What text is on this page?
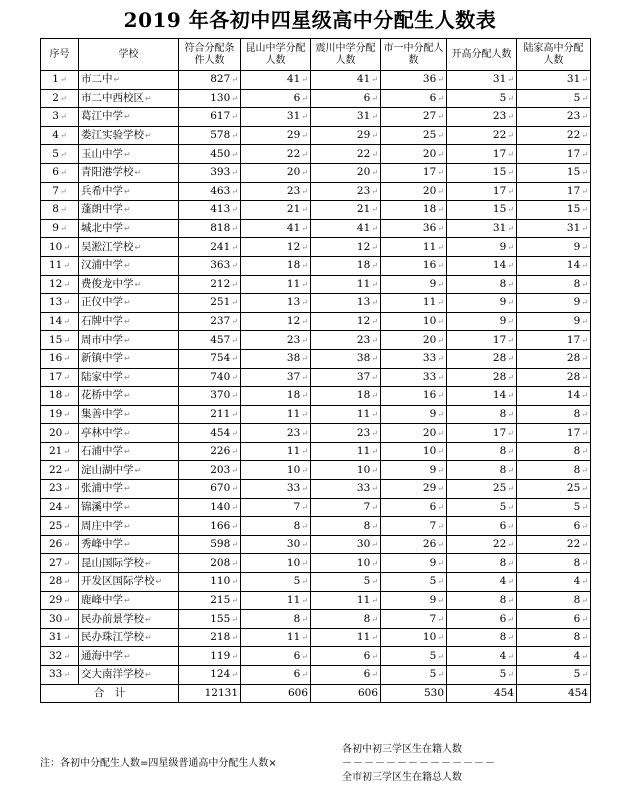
2019 年各初中四星级高中分配生人数表
序号	学校	符合分配条件人数	昆山中学分配人数	震川中学分配人数	市一中分配人数	开高分配人数	陆家高中分配人数
1↵	市二中↵	827↵	41↵	41↵	36↵	31↵	31↵
2↵	市二中西校区↵	130↵	6↵	6↵	6↵	5↵	5↵
3↵	葛江中学↵	617↵	31↵	31↵	27↵	23↵	23↵
4↵	娄江实验学校↵	578↵	29↵	29↵	25↵	22↵	22↵
5↵	玉山中学↵	450↵	22↵	22↵	20↵	17↵	17↵
6↵	青阳港学校↵	393↵	20↵	20↵	17↵	15↵	15↵
7↵	兵希中学↵	463↵	23↵	23↵	20↵	17↵	17↵
8↵	蓬朗中学↵	413↵	21↵	21↵	18↵	15↵	15↵
9↵	城北中学↵	818↵	41↵	41↵	36↵	31↵	31↵
10↵	吴淞江学校↵	241↵	12↵	12↵	11↵	9↵	9↵
11↵	汉浦中学↵	363↵	18↵	18↵	16↵	14↵	14↵
12↵	费俊龙中学↵	212↵	11↵	11↵	9↵	8↵	8↵
13↵	正仪中学↵	251↵	13↵	13↵	11↵	9↵	9↵
14↵	石牌中学↵	237↵	12↵	12↵	10↵	9↵	9↵
15↵	周市中学↵	457↵	23↵	23↵	20↵	17↵	17↵
16↵	新镇中学↵	754↵	38↵	38↵	33↵	28↵	28↵
17↵	陆家中学↵	740↵	37↵	37↵	33↵	28↵	28↵
18↵	花桥中学↵	370↵	18↵	18↵	16↵	14↵	14↵
19↵	集善中学↵	211↵	11↵	11↵	9↵	8↵	8↵
20↵	亭林中学↵	454↵	23↵	23↵	20↵	17↵	17↵
21↵	石浦中学↵	226↵	11↵	11↵	10↵	8↵	8↵
22↵	淀山湖中学↵	203↵	10↵	10↵	9↵	8↵	8↵
23↵	张浦中学↵	670↵	33↵	33↵	29↵	25↵	25↵
24↵	锦溪中学↵	140↵	7↵	7↵	6↵	5↵	5↵
25↵	周庄中学↵	166↵	8↵	8↵	7↵	6↵	6↵
26↵	秀峰中学↵	598↵	30↵	30↵	26↵	22↵	22↵
27↵	昆山国际学校↵	208↵	10↵	10↵	9↵	8↵	8↵
28↵	开发区国际学校↵	110↵	5↵	5↵	5↵	4↵	4↵
29↵	鹿峰中学↵	215↵	11↵	11↵	9↵	8↵	8↵
30↵	民办前景学校↵	155↵	8↵	8↵	7↵	6↵	6↵
31↵	民办珠江学校↵	218↵	11↵	11↵	10↵	8↵	8↵
32↵	通海中学↵	119↵	6↵	6↵	5↵	4↵	4↵
33↵	交大南洋学校↵	124↵	6↵	6↵	5↵	5↵	5↵
合　计		12131	606	606	530	454	454
注：各初中分配生人数=四星级普通高中分配生人数×
各初中初三学区生在籍人数
－－－－－－－－－－－－－－
全市初三学区生在籍总人数
